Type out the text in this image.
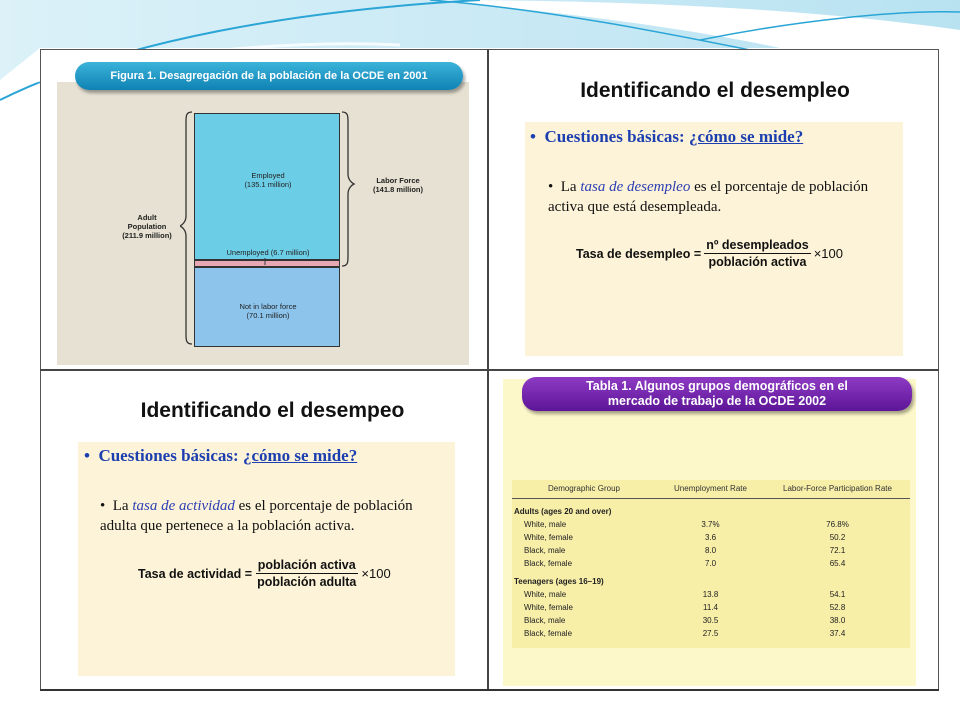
Figura 1. Desagregación de la población de la OCDE en 2001
Employed
(135.1 million)
Unemployed (6.7 million)
Not in labor force
(70.1 million)
Adult
Population
(211.9 million)
Labor Force
(141.8 million)
Identificando el desempleo
•  Cuestiones básicas: ¿cómo se mide?
•  La tasa de desempleo es el porcentaje de población activa que está desempleada.
Tasa de desempleo = $\frac{\text{nº desempleados}}{\text{población activa}} \times 100$
Identificando el desempeo
•  Cuestiones básicas: ¿cómo se mide?
•  La tasa de actividad es el porcentaje de población adulta que pertenece a la población activa.
Tasa de actividad = $\frac{\text{población activa}}{\text{población adulta}} \times 100$
Tabla 1. Algunos grupos demográficos en el
mercado de trabajo de la OCDE 2002
Demographic Group	Unemployment Rate	Labor-Force Participation Rate

Adults (ages 20 and over)		
White, male	3.7%	76.8%
White, female	3.6	50.2
Black, male	8.0	72.1
Black, female	7.0	65.4

Teenagers (ages 16–19)		
White, male	13.8	54.1
White, female	11.4	52.8
Black, male	30.5	38.0
Black, female	27.5	37.4
